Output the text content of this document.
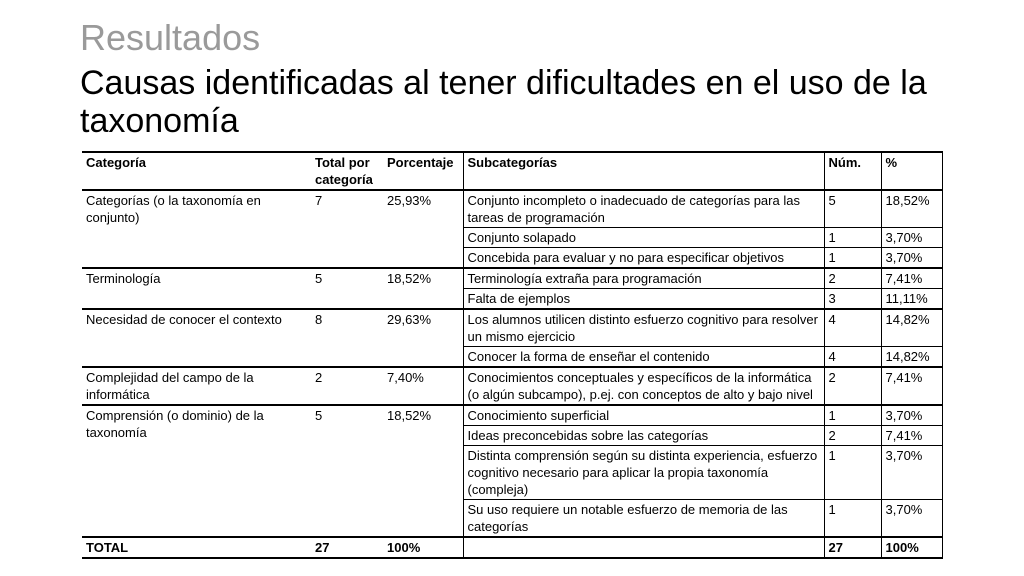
Resultados
Causas identificadas al tener dificultades en el uso de la taxonomía
Categoría	Total por categoría	Porcentaje	Subcategorías	Núm.	%
Categorías (o la taxonomía en conjunto)	7	25,93%	Conjunto incompleto o inadecuado de categorías para las tareas de programación	5	18,52%
			Conjunto solapado	1	3,70%
			Concebida para evaluar y no para especificar objetivos	1	3,70%
Terminología	5	18,52%	Terminología extraña para programación	2	7,41%
			Falta de ejemplos	3	11,11%
Necesidad de conocer el contexto	8	29,63%	Los alumnos utilicen distinto esfuerzo cognitivo para resolver un mismo ejercicio	4	14,82%
			Conocer la forma de enseñar el contenido	4	14,82%
Complejidad del campo de la informática	2	7,40%	Conocimientos conceptuales y específicos de la informática (o algún subcampo), p.ej. con conceptos de alto y bajo nivel	2	7,41%
Comprensión (o dominio) de la taxonomía	5	18,52%	Conocimiento superficial	1	3,70%
			Ideas preconcebidas sobre las categorías	2	7,41%
			Distinta comprensión según su distinta experiencia, esfuerzo cognitivo necesario para aplicar la propia taxonomía (compleja)	1	3,70%
			Su uso requiere un notable esfuerzo de memoria de las categorías	1	3,70%
TOTAL	27	100%		27	100%
